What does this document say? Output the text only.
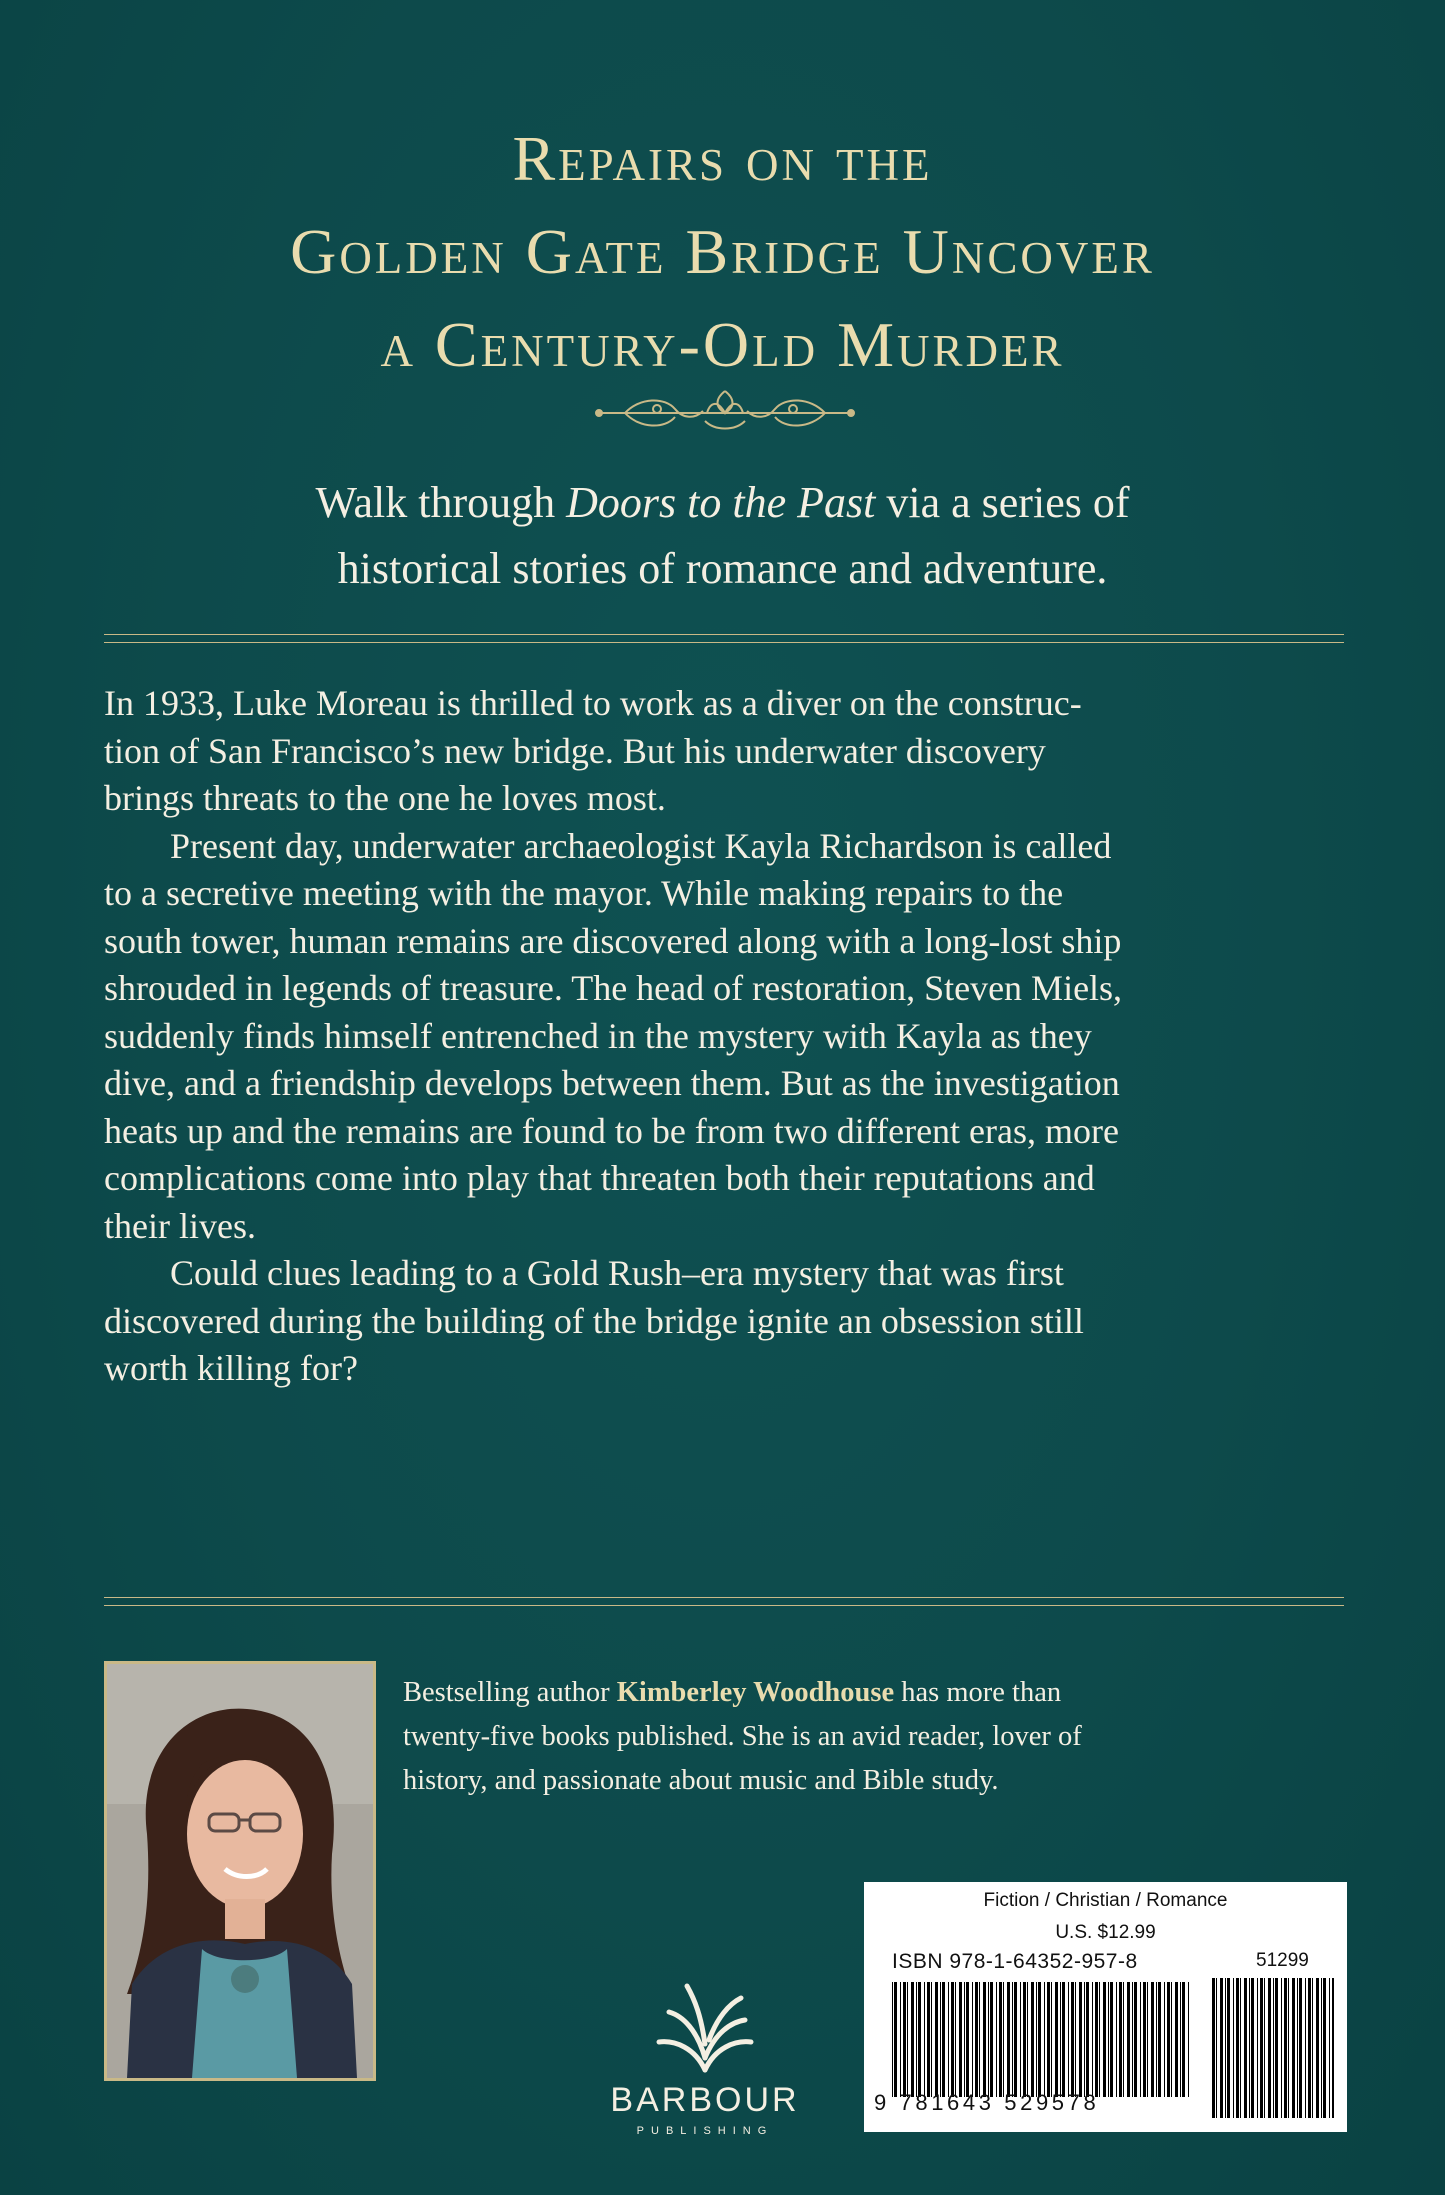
Repairs on the
Golden Gate Bridge Uncover
a Century-Old Murder
Walk through Doors to the Past via a series of
historical stories of romance and adventure.

In 1933, Luke Moreau is thrilled to work as a diver on the construc-

tion of San Francisco’s new bridge. But his underwater discovery

brings threats to the one he loves most.

Present day, underwater archaeologist Kayla Richardson is called

to a secretive meeting with the mayor. While making repairs to the

south tower, human remains are discovered along with a long-lost ship

shrouded in legends of treasure. The head of restoration, Steven Miels,

suddenly finds himself entrenched in the mystery with Kayla as they

dive, and a friendship develops between them. But as the investigation

heats up and the remains are found to be from two different eras, more

complications come into play that threaten both their reputations and

their lives.

Could clues leading to a Gold Rush–era mystery that was first

discovered during the building of the bridge ignite an obsession still

worth killing for?

Bestselling author Kimberley Woodhouse has more than

twenty-five books published. She is an avid reader, lover of

history, and passionate about music and Bible study.

BARBOUR
PUBLISHING
Fiction / Christian / Romance
U.S. $12.99
ISBN 978-1-64352-957-8
9 781643 529578
51299
